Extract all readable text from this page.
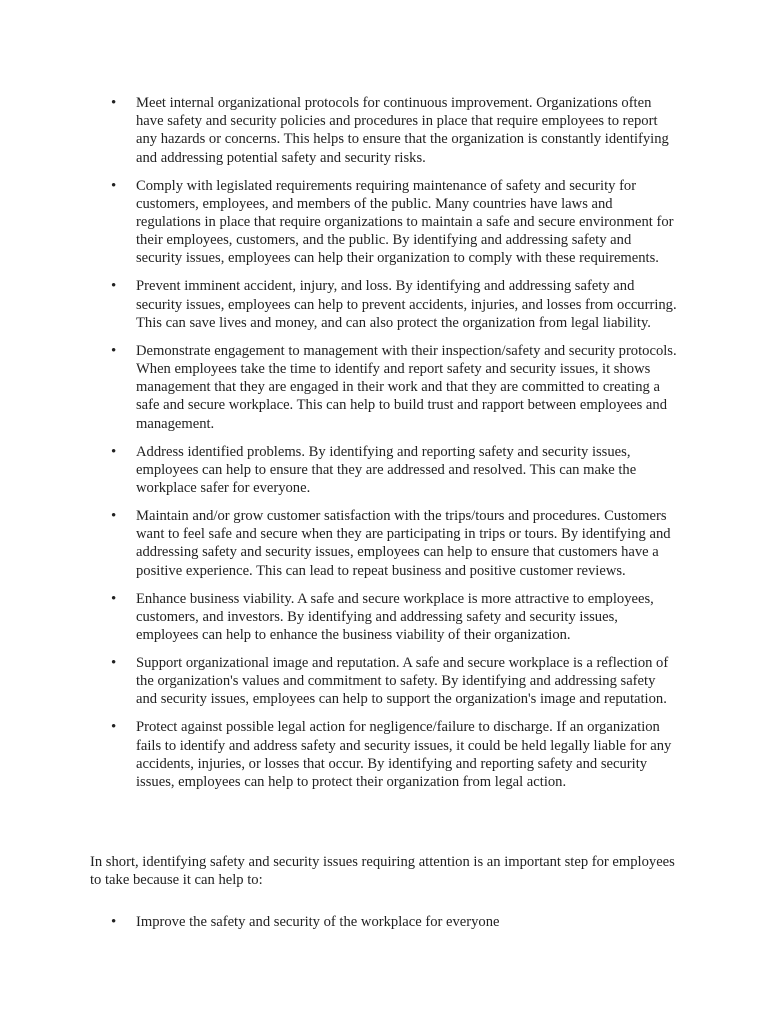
• Meet internal organizational protocols for continuous improvement. Organizations often have safety and security policies and procedures in place that require employees to report any hazards or concerns. This helps to ensure that the organization is constantly identifying and addressing potential safety and security risks.
• Comply with legislated requirements requiring maintenance of safety and security for customers, employees, and members of the public. Many countries have laws and regulations in place that require organizations to maintain a safe and secure environment for their employees, customers, and the public. By identifying and addressing safety and security issues, employees can help their organization to comply with these requirements.
• Prevent imminent accident, injury, and loss. By identifying and addressing safety and security issues, employees can help to prevent accidents, injuries, and losses from occurring. This can save lives and money, and can also protect the organization from legal liability.
• Demonstrate engagement to management with their inspection/safety and security protocols. When employees take the time to identify and report safety and security issues, it shows management that they are engaged in their work and that they are committed to creating a safe and secure workplace. This can help to build trust and rapport between employees and management.
• Address identified problems. By identifying and reporting safety and security issues, employees can help to ensure that they are addressed and resolved. This can make the workplace safer for everyone.
• Maintain and/or grow customer satisfaction with the trips/tours and procedures. Customers want to feel safe and secure when they are participating in trips or tours. By identifying and addressing safety and security issues, employees can help to ensure that customers have a positive experience. This can lead to repeat business and positive customer reviews.
• Enhance business viability. A safe and secure workplace is more attractive to employees, customers, and investors. By identifying and addressing safety and security issues, employees can help to enhance the business viability of their organization.
• Support organizational image and reputation. A safe and secure workplace is a reflection of the organization's values and commitment to safety. By identifying and addressing safety and security issues, employees can help to support the organization's image and reputation.
• Protect against possible legal action for negligence/failure to discharge. If an organization fails to identify and address safety and security issues, it could be held legally liable for any accidents, injuries, or losses that occur. By identifying and reporting safety and security issues, employees can help to protect their organization from legal action.

In short, identifying safety and security issues requiring attention is an important step for employees to take because it can help to:

• Improve the safety and security of the workplace for everyone
